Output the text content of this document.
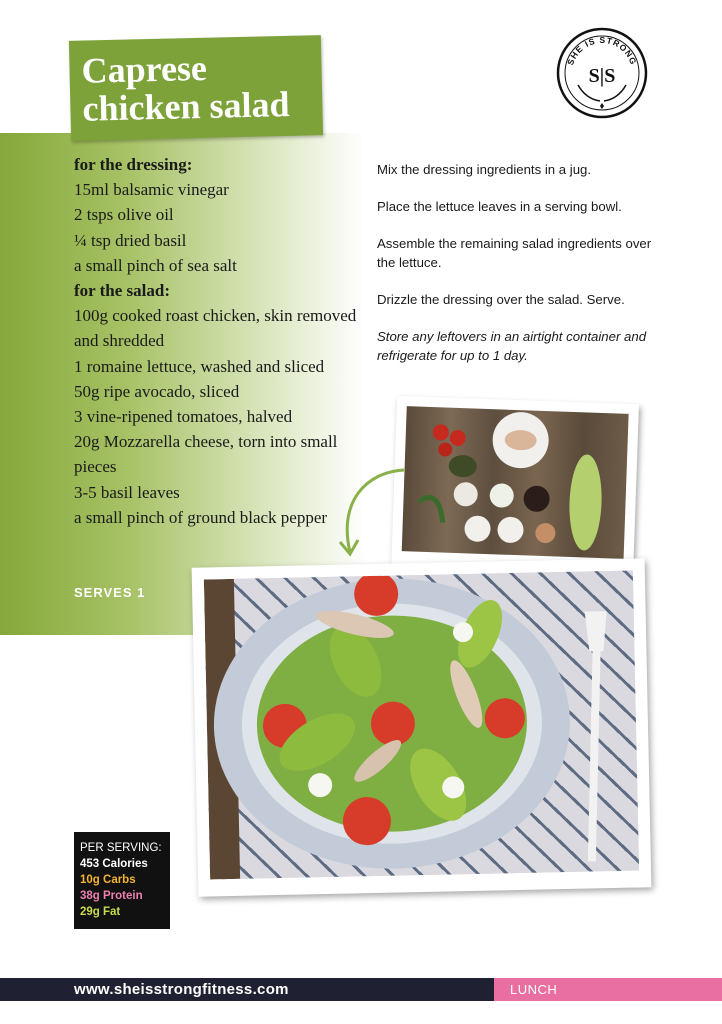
Caprese
chicken salad
SHE IS STRONG
S|S
for the dressing:
15ml balsamic vinegar
2 tsps olive oil
¼ tsp dried basil
a small pinch of sea salt
for the salad:
100g cooked roast chicken, skin removed and shredded
1 romaine lettuce, washed and sliced
50g ripe avocado, sliced
3 vine-ripened tomatoes, halved
20g Mozzarella cheese, torn into small pieces
3-5 basil leaves
a small pinch of ground black pepper
SERVES 1

Mix the dressing ingredients in a jug.

Place the lettuce leaves in a serving bowl.

Assemble the remaining salad ingredients over the lettuce.

Drizzle the dressing over the salad. Serve.

Store any leftovers in an airtight container and refrigerate for up to 1 day.

PER SERVING:
453 Calories
10g Carbs
38g Protein
29g Fat
www.sheisstrongfitness.com	LUNCH
